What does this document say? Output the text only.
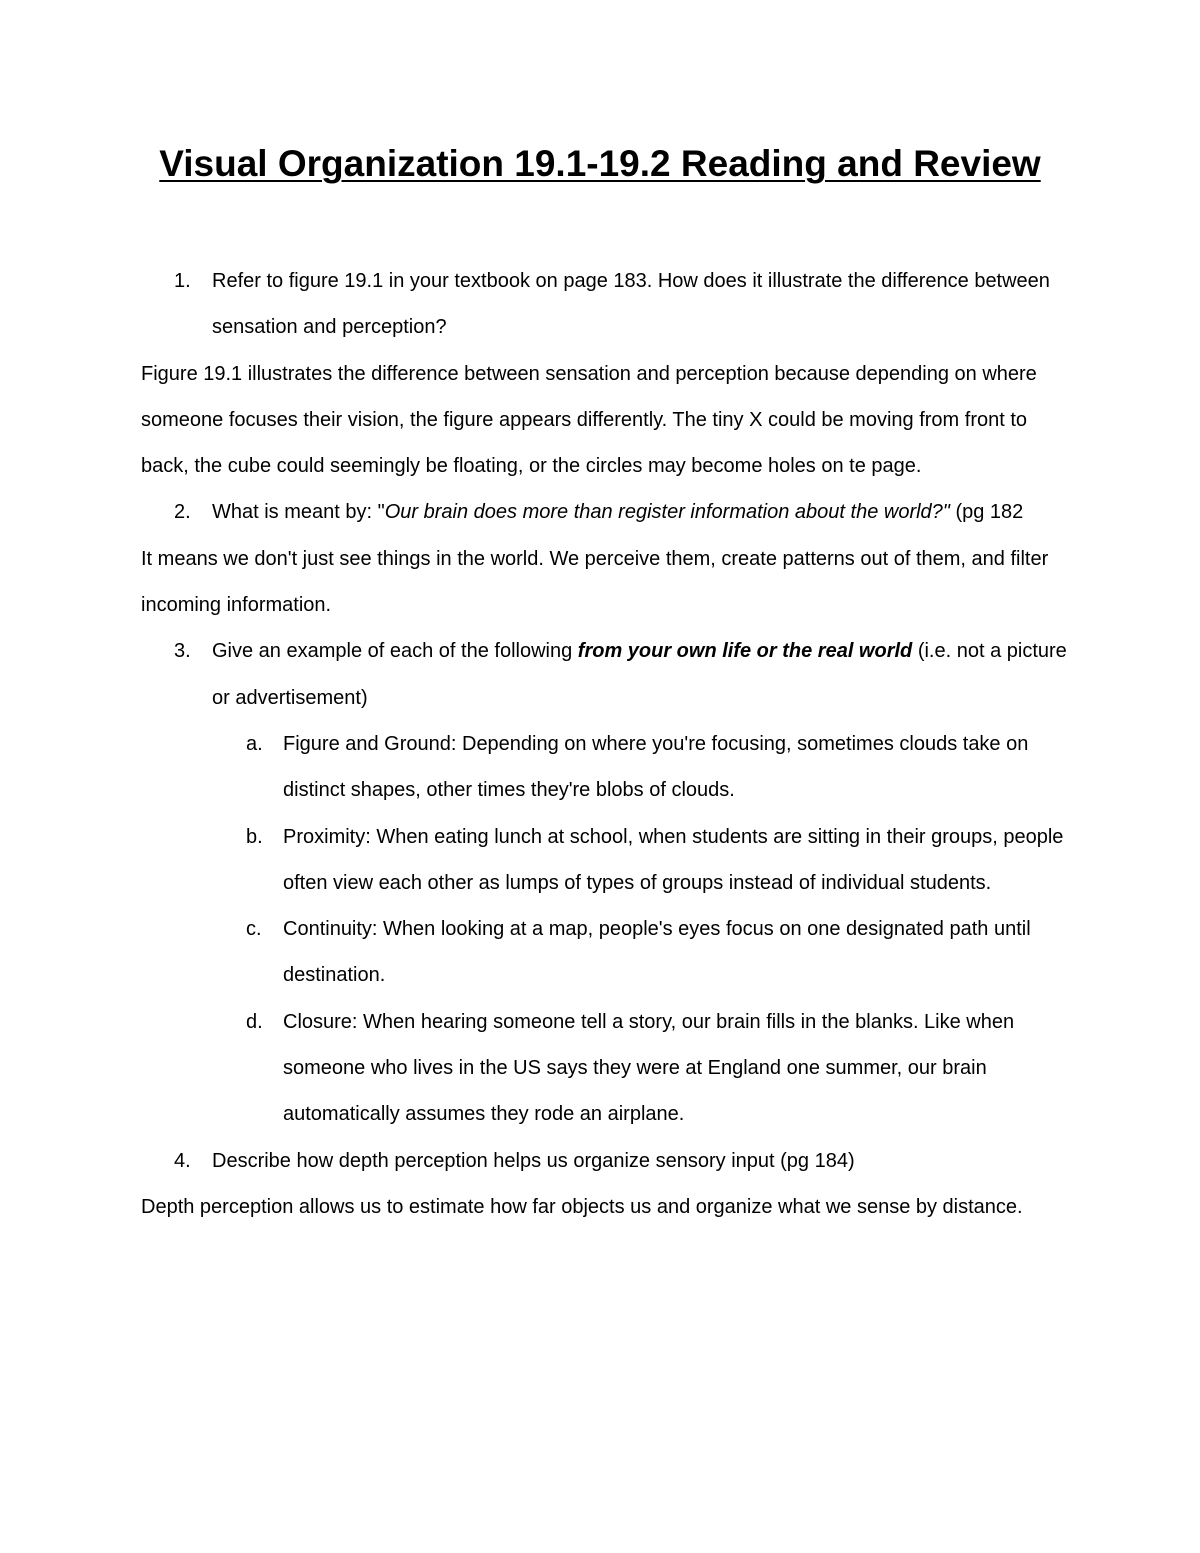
Visual Organization 19.1-19.2 Reading and Review
1. Refer to figure 19.1 in your textbook on page 183. How does it illustrate the difference between sensation and perception?
Figure 19.1 illustrates the difference between sensation and perception because depending on where someone focuses their vision, the figure appears differently. The tiny X could be moving from front to back, the cube could seemingly be floating, or the circles may become holes on te page.
2. What is meant by: "Our brain does more than register information about the world?" (pg 182
It means we don't just see things in the world. We perceive them, create patterns out of them, and filter incoming information.
3. Give an example of each of the following from your own life or the real world (i.e. not a picture or advertisement)
a. Figure and Ground: Depending on where you're focusing, sometimes clouds take on distinct shapes, other times they're blobs of clouds.
b. Proximity: When eating lunch at school, when students are sitting in their groups, people often view each other as lumps of types of groups instead of individual students.
c. Continuity: When looking at a map, people's eyes focus on one designated path until destination.
d. Closure: When hearing someone tell a story, our brain fills in the blanks. Like when someone who lives in the US says they were at England one summer, our brain automatically assumes they rode an airplane.
4. Describe how depth perception helps us organize sensory input (pg 184)
Depth perception allows us to estimate how far objects us and organize what we sense by distance.
